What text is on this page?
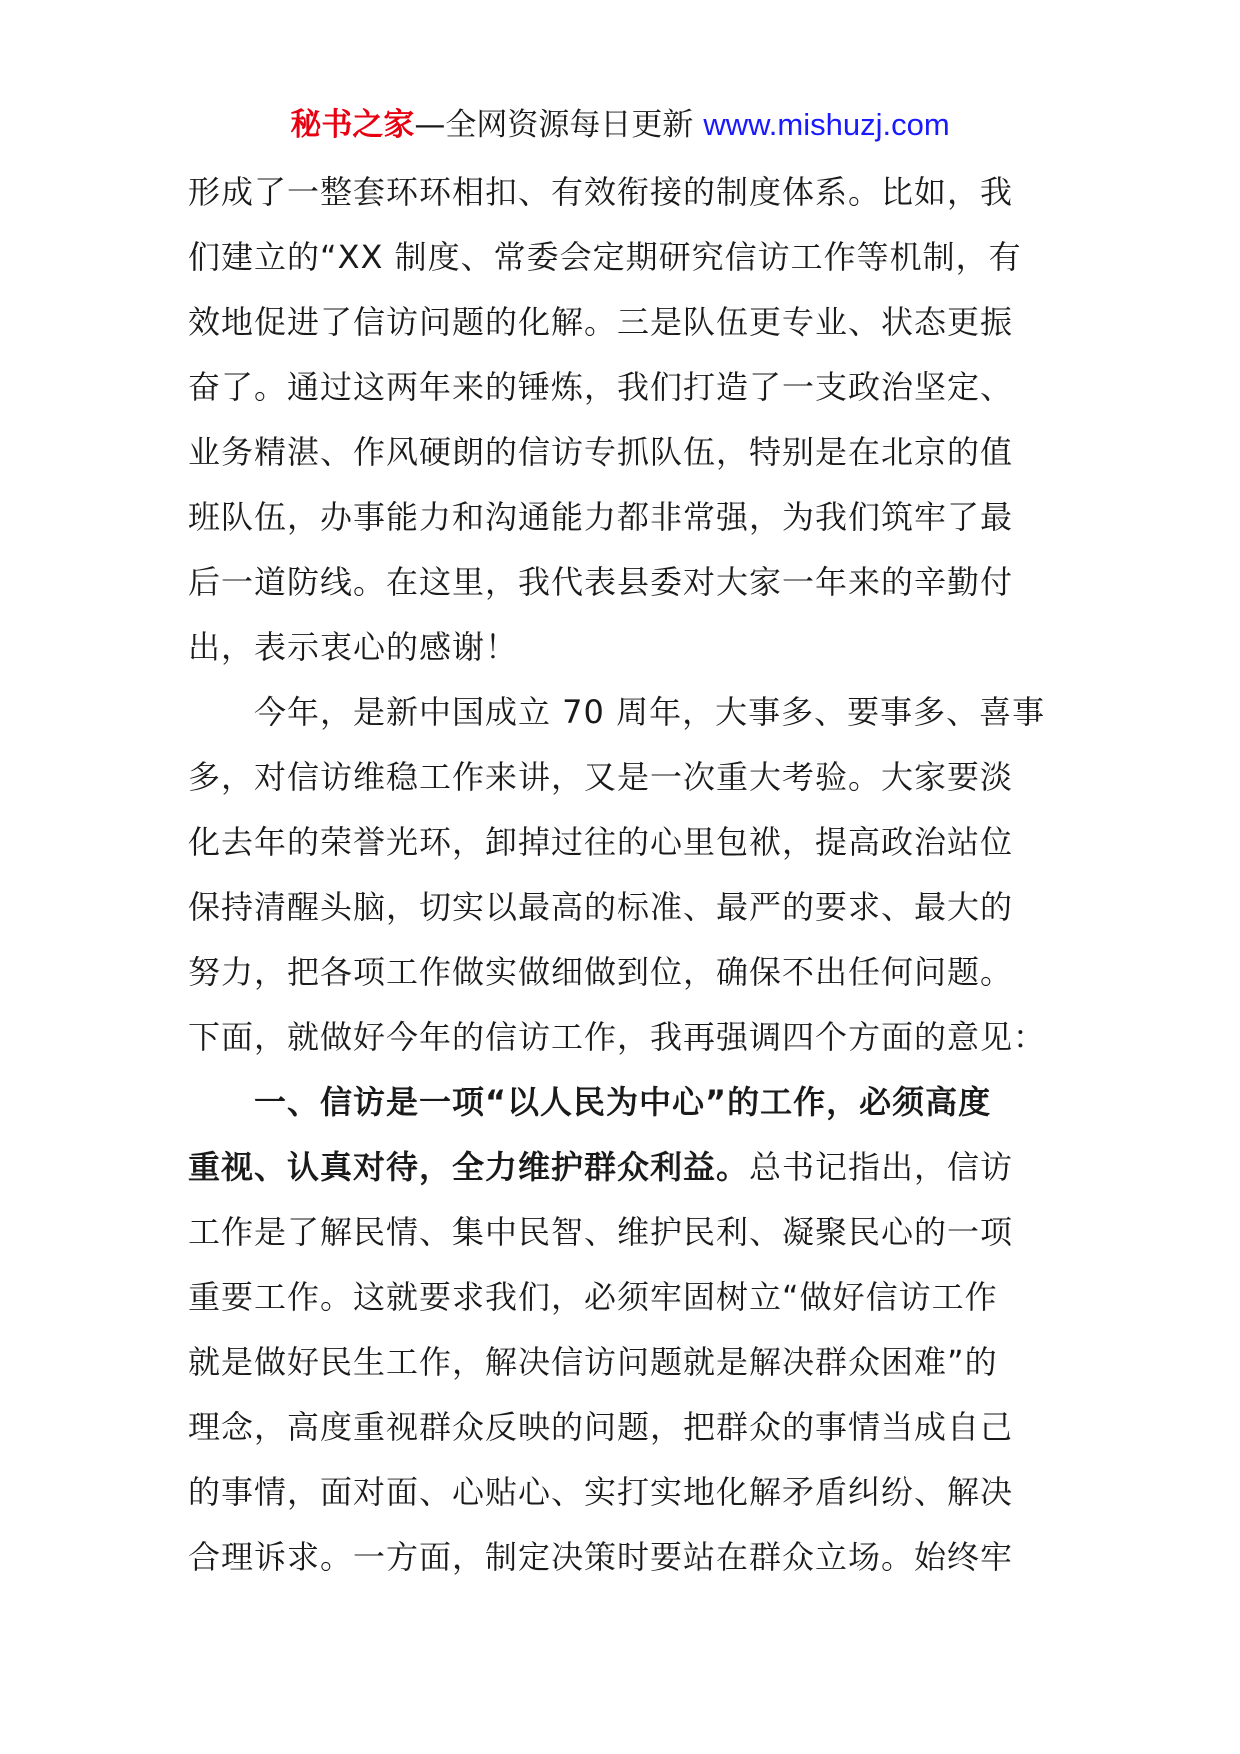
秘书之家—全网资源每日更新 www.mishuzj.com
形成了一整套环环相扣、有效衔接的制度体系。比如，我
们建立的“XX 制度、常委会定期研究信访工作等机制，有
效地促进了信访问题的化解。三是队伍更专业、状态更振
奋了。通过这两年来的锤炼，我们打造了一支政治坚定、
业务精湛、作风硬朗的信访专抓队伍，特别是在北京的值
班队伍，办事能力和沟通能力都非常强，为我们筑牢了最
后一道防线。在这里，我代表县委对大家一年来的辛勤付
出，表示衷心的感谢！
今年，是新中国成立 70 周年，大事多、要事多、喜事
多，对信访维稳工作来讲，又是一次重大考验。大家要淡
化去年的荣誉光环，卸掉过往的心里包袱，提高政治站位
保持清醒头脑，切实以最高的标准、最严的要求、最大的
努力，把各项工作做实做细做到位，确保不出任何问题。
下面，就做好今年的信访工作，我再强调四个方面的意见：
一、信访是一项“以人民为中心”的工作，必须高度
重视、认真对待，全力维护群众利益。总书记指出，信访
工作是了解民情、集中民智、维护民利、凝聚民心的一项
重要工作。这就要求我们，必须牢固树立“做好信访工作
就是做好民生工作，解决信访问题就是解决群众困难”的
理念，高度重视群众反映的问题，把群众的事情当成自己
的事情，面对面、心贴心、实打实地化解矛盾纠纷、解决
合理诉求。一方面，制定决策时要站在群众立场。始终牢
